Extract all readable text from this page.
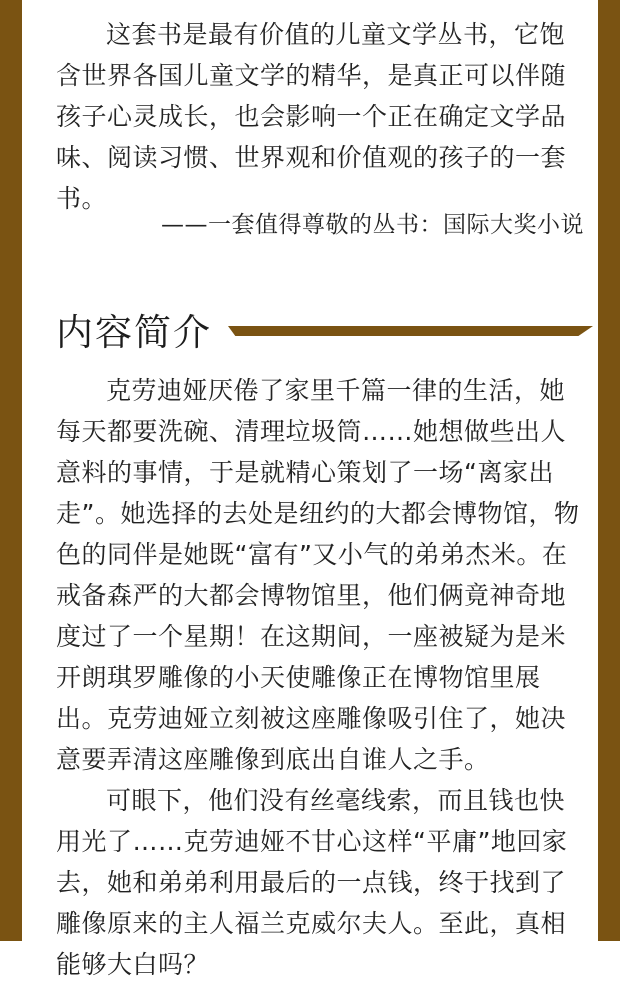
这套书是最有价值的儿童文学丛书，它饱含世界各国儿童文学的精华，是真正可以伴随孩子心灵成长，也会影响一个正在确定文学品味、阅读习惯、世界观和价值观的孩子的一套书。

——一套值得尊敬的丛书：国际大奖小说
内容简介

克劳迪娅厌倦了家里千篇一律的生活，她每天都要洗碗、清理垃圾筒……她想做些出人意料的事情，于是就精心策划了一场“离家出走”。她选择的去处是纽约的大都会博物馆，物色的同伴是她既“富有”又小气的弟弟杰米。在戒备森严的大都会博物馆里，他们俩竟神奇地度过了一个星期！在这期间，一座被疑为是米开朗琪罗雕像的小天使雕像正在博物馆里展出。克劳迪娅立刻被这座雕像吸引住了，她决意要弄清这座雕像到底出自谁人之手。

可眼下，他们没有丝毫线索，而且钱也快用光了……克劳迪娅不甘心这样“平庸”地回家去，她和弟弟利用最后的一点钱，终于找到了雕像原来的主人福兰克威尔夫人。至此，真相能够大白吗？
